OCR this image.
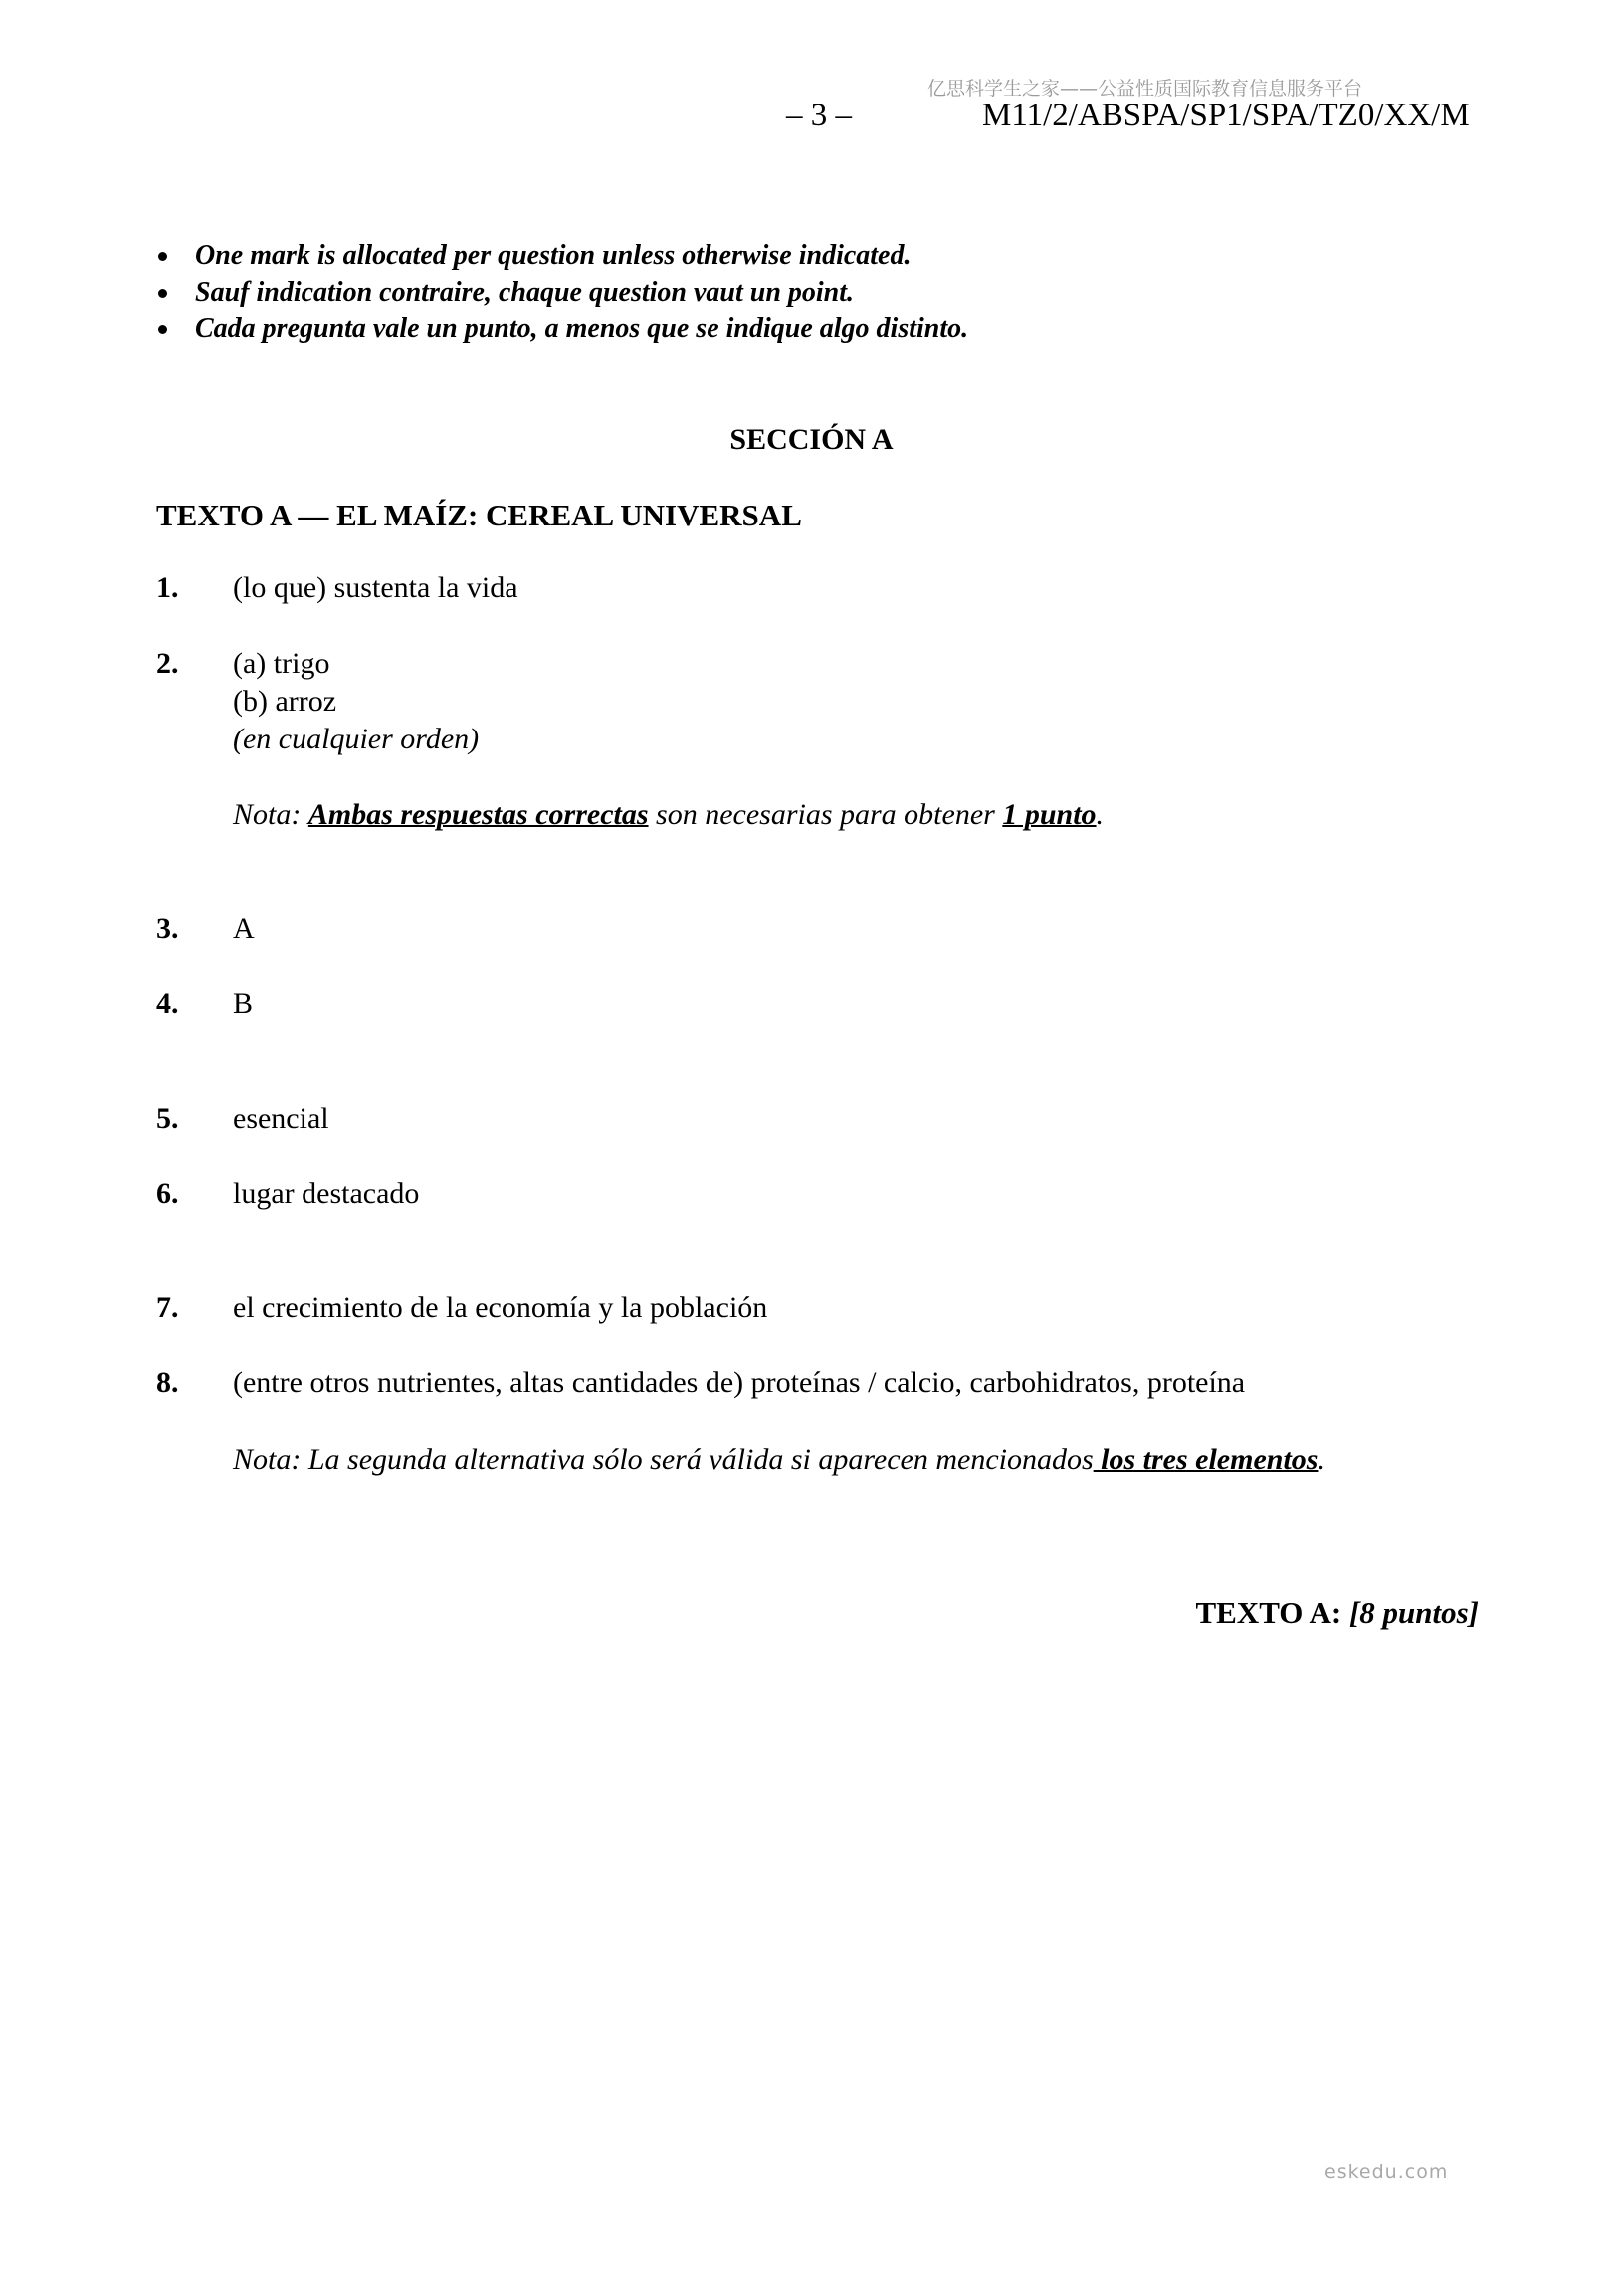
亿思科学生之家——公益性质国际教育信息服务平台
– 3 –	M11/2/ABSPA/SP1/SPA/TZ0/XX/M
One mark is allocated per question unless otherwise indicated.
Sauf indication contraire, chaque question vaut un point.
Cada pregunta vale un punto, a menos que se indique algo distinto.
SECCIÓN A
TEXTO A — EL MAÍZ: CEREAL UNIVERSAL
1. (lo que) sustenta la vida
2. (a) trigo
(b) arroz
(en cualquier orden)
Nota: Ambas respuestas correctas son necesarias para obtener 1 punto.
3. A
4. B
5. esencial
6. lugar destacado
7. el crecimiento de la economía y la población
8. (entre otros nutrientes, altas cantidades de) proteínas / calcio, carbohidratos, proteína
Nota: La segunda alternativa sólo será válida si aparecen mencionados los tres elementos.
TEXTO A: [8 puntos]
eskedu.com
